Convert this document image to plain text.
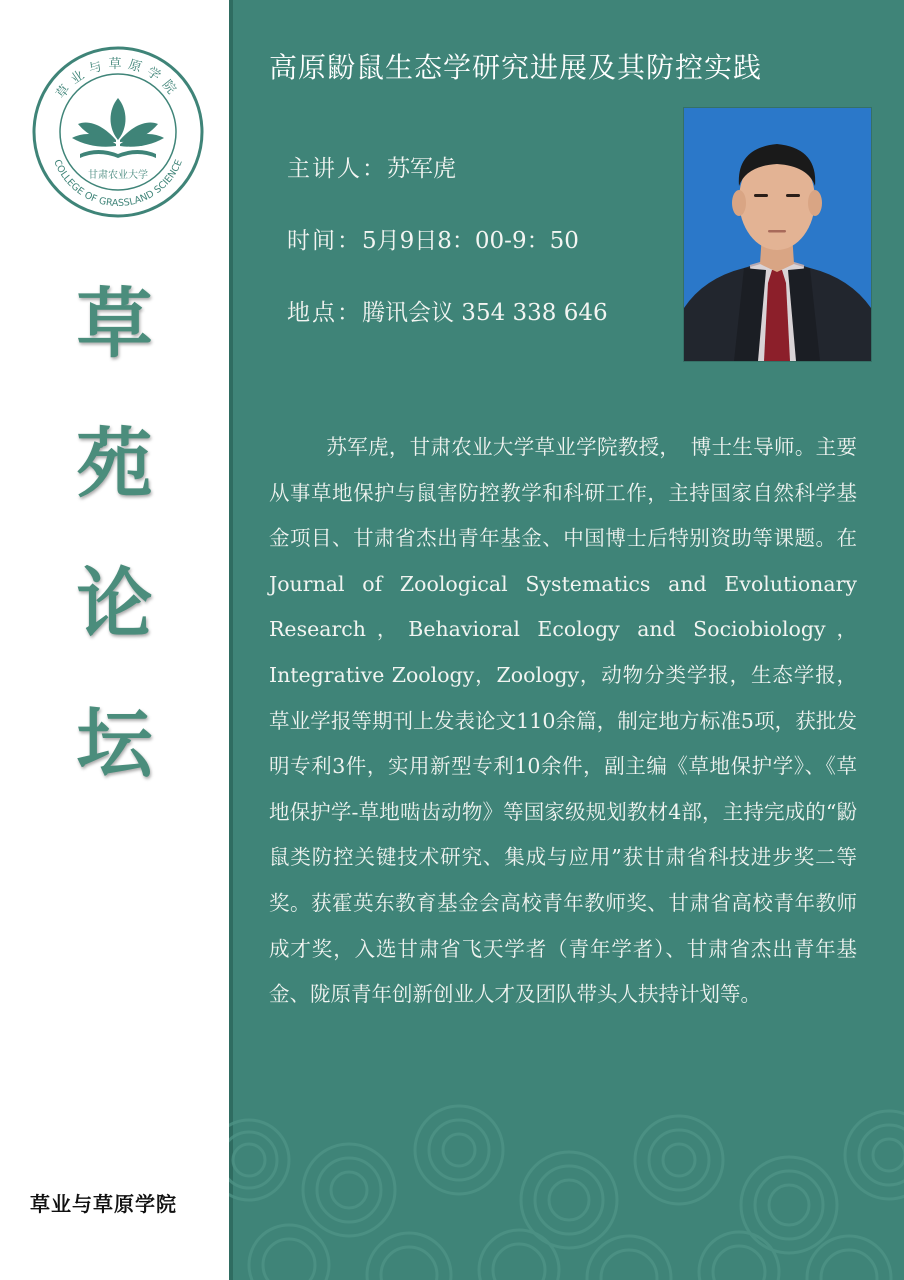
草业与草原学院
COLLEGE OF GRASSLAND SCIENCE
甘肃农业大学
草
苑
论
坛
草业与草原学院
高原鼢鼠生态学研究进展及其防控实践
主讲人：苏军虎
时间：5月9日8：00-9：50
地点：腾讯会议 354 338 646

苏军虎，甘肃农业大学草业学院教授，　博士生导师。主要从事草地保护与鼠害防控教学和科研工作，主持国家自然科学基金项目、甘肃省杰出青年基金、中国博士后特别资助等课题。在Journal of Zoological Systematics and Evolutionary Research，Behavioral Ecology and Sociobiology，Integrative Zoology，Zoology，动物分类学报，生态学报，草业学报等期刊上发表论文110余篇，制定地方标准5项，获批发明专利3件，实用新型专利10余件，副主编《草地保护学》、《草地保护学-草地啮齿动物》等国家级规划教材4部，主持完成的“鼢鼠类防控关键技术研究、集成与应用”获甘肃省科技进步奖二等奖。获霍英东教育基金会高校青年教师奖、甘肃省高校青年教师成才奖，入选甘肃省飞天学者（青年学者）、甘肃省杰出青年基金、陇原青年创新创业人才及团队带头人扶持计划等。
